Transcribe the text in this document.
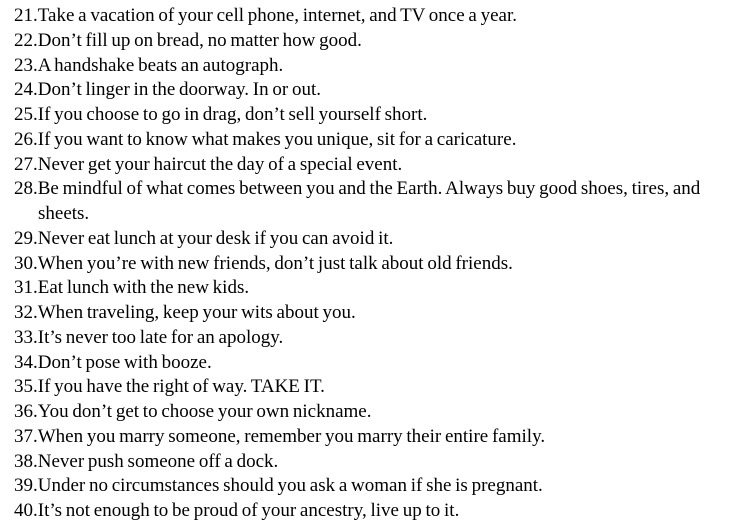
21.Take a vacation of your cell phone, internet, and TV once a year.
22.Don’t fill up on bread, no matter how good.
23.A handshake beats an autograph.
24.Don’t linger in the doorway. In or out.
25.If you choose to go in drag, don’t sell yourself short.
26.If you want to know what makes you unique, sit for a caricature.
27.Never get your haircut the day of a special event.
28.Be mindful of what comes between you and the Earth. Always buy good shoes, tires, and sheets.
29.Never eat lunch at your desk if you can avoid it.
30.When you’re with new friends, don’t just talk about old friends.
31.Eat lunch with the new kids.
32.When traveling, keep your wits about you.
33.It’s never too late for an apology.
34.Don’t pose with booze.
35.If you have the right of way. TAKE IT.
36.You don’t get to choose your own nickname.
37.When you marry someone, remember you marry their entire family.
38.Never push someone off a dock.
39.Under no circumstances should you ask a woman if she is pregnant.
40.It’s not enough to be proud of your ancestry, live up to it.
